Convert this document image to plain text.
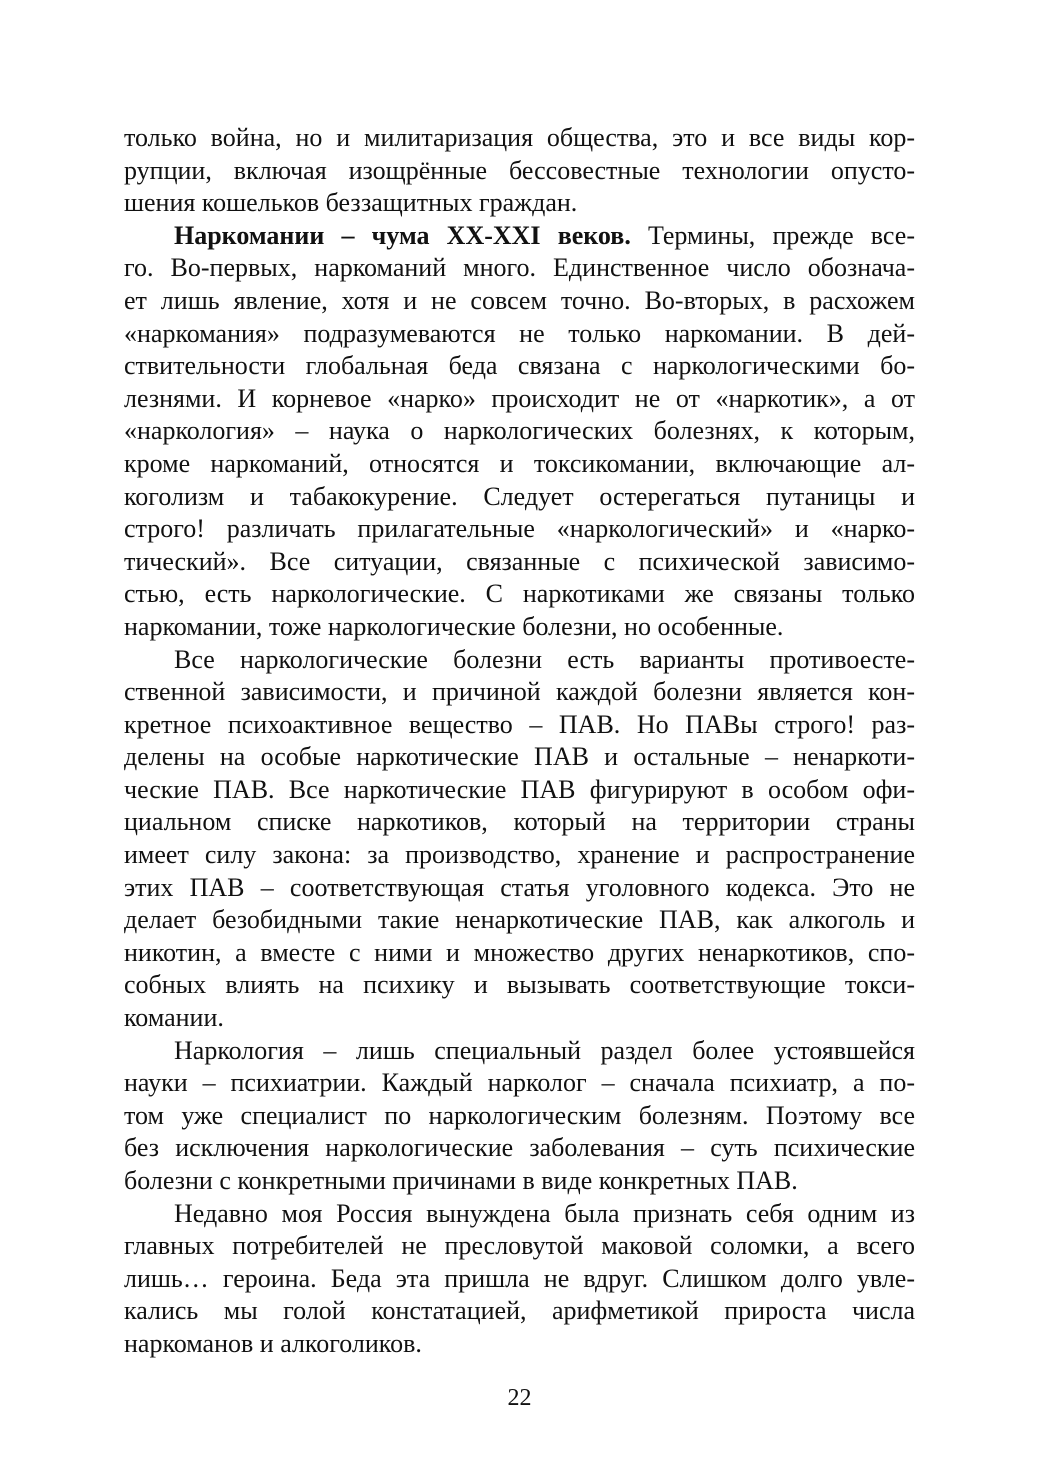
только война, но и милитаризация общества, это и все виды кор-
рупции, включая изощрённые бессовестные технологии опусто-
шения кошельков беззащитных граждан.

Наркомании – чума XX-XXI веков. Термины, прежде все-
го. Во-первых, наркоманий много. Единственное число обознача-
ет лишь явление, хотя и не совсем точно. Во-вторых, в расхожем
«наркомания» подразумеваются не только наркомании. В дей-
ствительности глобальная беда связана с наркологическими бо-
лезнями. И корневое «нарко» происходит не от «наркотик», а от
«наркология» – наука о наркологических болезнях, к которым,
кроме наркоманий, относятся и токсикомании, включающие ал-
коголизм и табакокурение. Следует остерегаться путаницы и
строго! различать прилагательные «наркологический» и «нарко-
тический». Все ситуации, связанные с психической зависимо-
стью, есть наркологические. С наркотиками же связаны только
наркомании, тоже наркологические болезни, но особенные.

Все наркологические болезни есть варианты противоесте-
ственной зависимости, и причиной каждой болезни является кон-
кретное психоактивное вещество – ПАВ. Но ПАВы строго! раз-
делены на особые наркотические ПАВ и остальные – ненаркоти-
ческие ПАВ. Все наркотические ПАВ фигурируют в особом офи-
циальном списке наркотиков, который на территории страны
имеет силу закона: за производство, хранение и распространение
этих ПАВ – соответствующая статья уголовного кодекса. Это не
делает безобидными такие ненаркотические ПАВ, как алкоголь и
никотин, а вместе с ними и множество других ненаркотиков, спо-
собных влиять на психику и вызывать соответствующие токси-
комании.

Наркология – лишь специальный раздел более устоявшейся
науки – психиатрии. Каждый нарколог – сначала психиатр, а по-
том уже специалист по наркологическим болезням. Поэтому все
без исключения наркологические заболевания – суть психические
болезни с конкретными причинами в виде конкретных ПАВ.

Недавно моя Россия вынуждена была признать себя одним из
главных потребителей не пресловутой маковой соломки, а всего
лишь… героина. Беда эта пришла не вдруг. Слишком долго увле-
кались мы голой констатацией, арифметикой прироста числа
наркоманов и алкоголиков.

22
